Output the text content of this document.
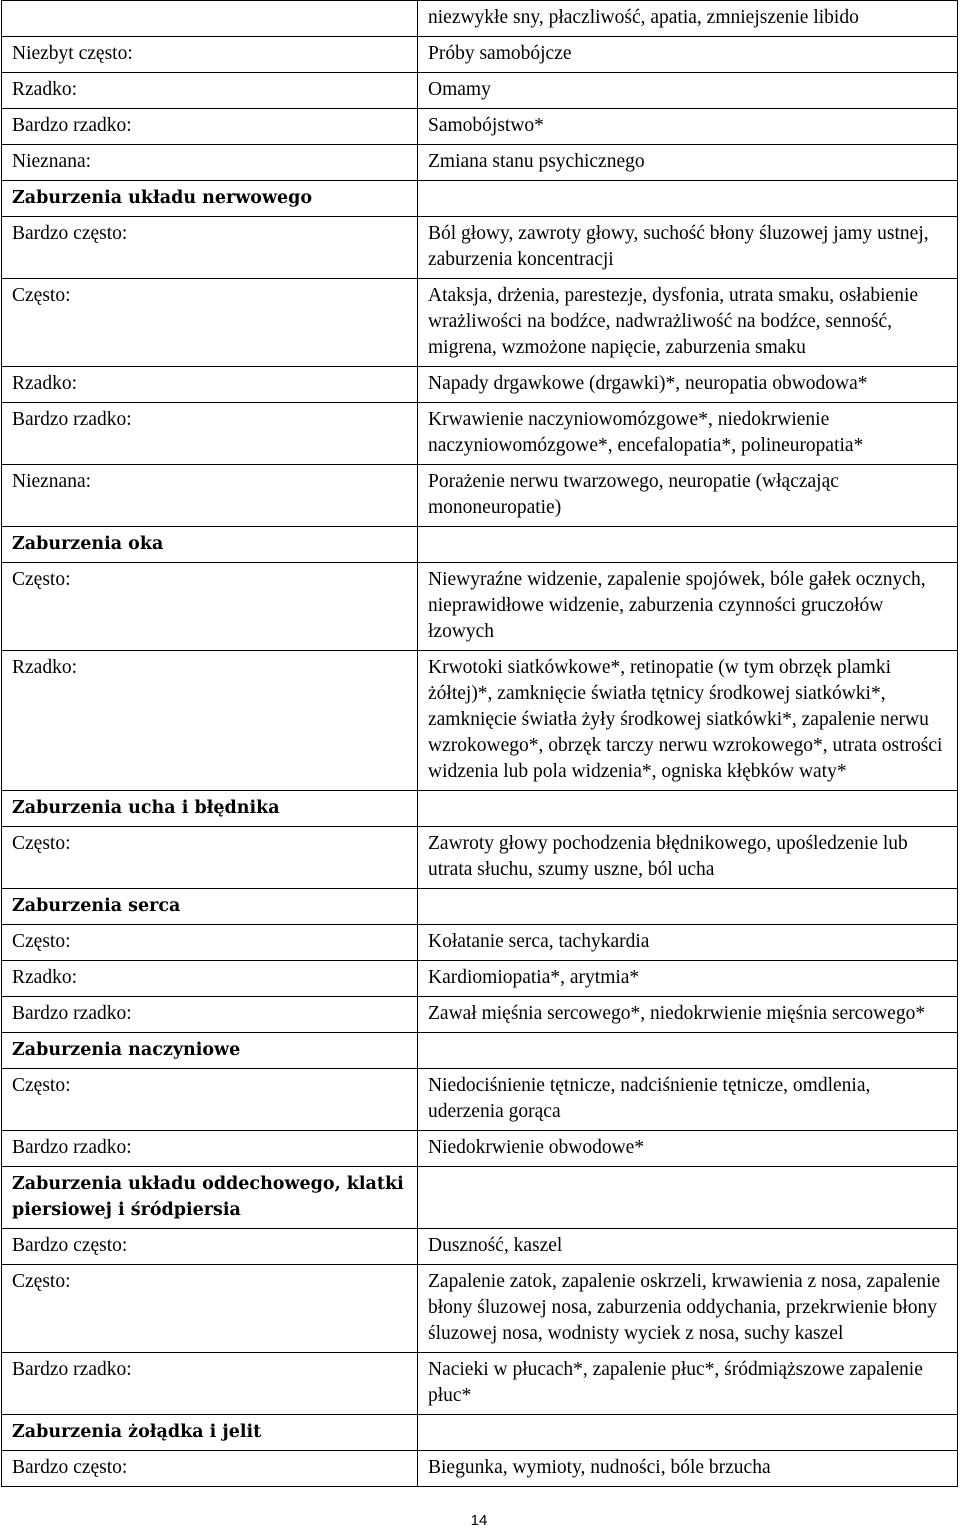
	niezwykłe sny, płaczliwość, apatia, zmniejszenie libido
Niezbyt często:	Próby samobójcze
Rzadko:	Omamy
Bardzo rzadko:	Samobójstwo*
Nieznana:	Zmiana stanu psychicznego
Zaburzenia układu nerwowego	
Bardzo często:	Ból głowy, zawroty głowy, suchość błony śluzowej jamy ustnej, zaburzenia koncentracji
Często:	Ataksja, drżenia, parestezje, dysfonia, utrata smaku, osłabienie wrażliwości na bodźce, nadwrażliwość na bodźce, senność, migrena, wzmożone napięcie, zaburzenia smaku
Rzadko:	Napady drgawkowe (drgawki)*, neuropatia obwodowa*
Bardzo rzadko:	Krwawienie naczyniowomózgowe*, niedokrwienie naczyniowomózgowe*, encefalopatia*, polineuropatia*
Nieznana:	Porażenie nerwu twarzowego, neuropatie (włączając mononeuropatie)
Zaburzenia oka	
Często:	Niewyraźne widzenie, zapalenie spojówek, bóle gałek ocznych, nieprawidłowe widzenie, zaburzenia czynności gruczołów łzowych
Rzadko:	Krwotoki siatkówkowe*, retinopatie (w tym obrzęk plamki żółtej)*, zamknięcie światła tętnicy środkowej siatkówki*, zamknięcie światła żyły środkowej siatkówki*, zapalenie nerwu wzrokowego*, obrzęk tarczy nerwu wzrokowego*, utrata ostrości widzenia lub pola widzenia*, ogniska kłębków waty*
Zaburzenia ucha i błędnika	
Często:	Zawroty głowy pochodzenia błędnikowego, upośledzenie lub utrata słuchu, szumy uszne, ból ucha
Zaburzenia serca	
Często:	Kołatanie serca, tachykardia
Rzadko:	Kardiomiopatia*, arytmia*
Bardzo rzadko:	Zawał mięśnia sercowego*, niedokrwienie mięśnia sercowego*
Zaburzenia naczyniowe	
Często:	Niedociśnienie tętnicze, nadciśnienie tętnicze, omdlenia, uderzenia gorąca
Bardzo rzadko:	Niedokrwienie obwodowe*
Zaburzenia układu oddechowego, klatki piersiowej i śródpiersia	
Bardzo często:	Duszność, kaszel
Często:	Zapalenie zatok, zapalenie oskrzeli, krwawienia z nosa, zapalenie błony śluzowej nosa, zaburzenia oddychania, przekrwienie błony śluzowej nosa, wodnisty wyciek z nosa, suchy kaszel
Bardzo rzadko:	Nacieki w płucach*, zapalenie płuc*, śródmiąższowe zapalenie płuc*
Zaburzenia żołądka i jelit	
Bardzo często:	Biegunka, wymioty, nudności, bóle brzucha
14
